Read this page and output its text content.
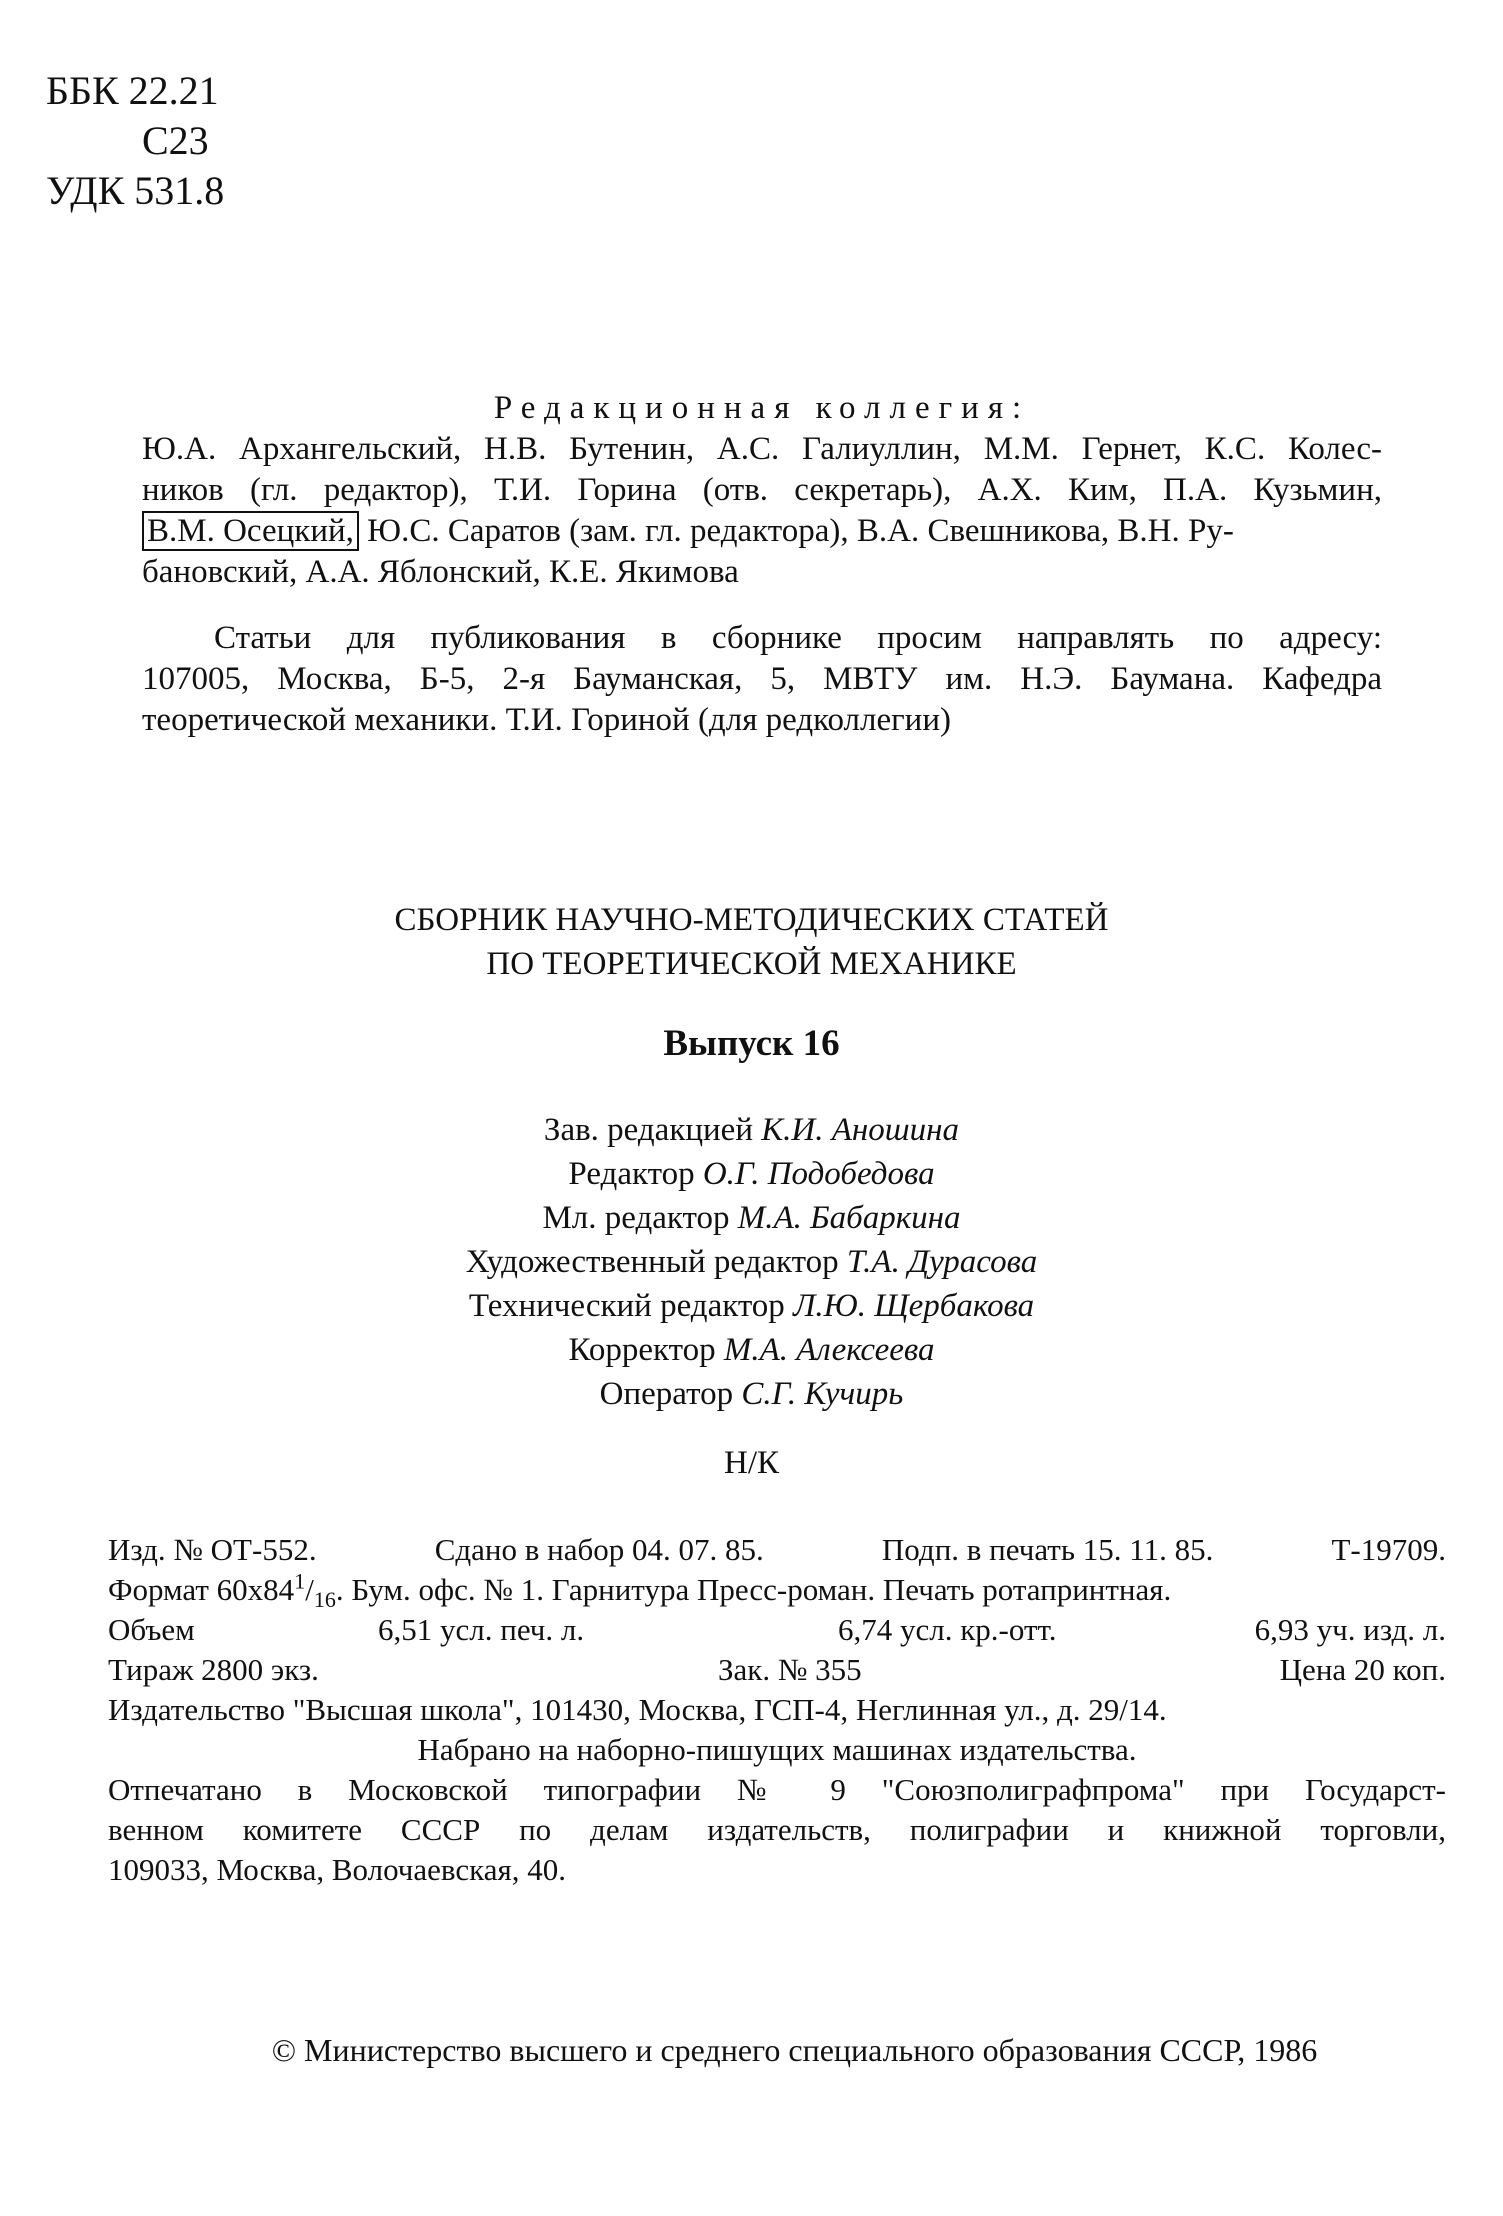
ББК 22.21
С23
УДК 531.8
Редакционная коллегия:
Ю.А. Архангельский, Н.В. Бутенин, А.С. Галиуллин, М.М. Гернет, К.С. Колес-
ников (гл. редактор), Т.И. Горина (отв. секретарь), А.Х. Ким, П.А. Кузьмин,
В.М. Осецкий, Ю.С. Саратов (зам. гл. редактора), В.А. Свешникова, В.Н. Ру-
бановский, А.А. Яблонский, К.Е. Якимова
Статьи для публикования в сборнике просим направлять по адресу:
107005, Москва, Б-5, 2-я Бауманская, 5, МВТУ им. Н.Э. Баумана. Кафедра
теоретической механики. Т.И. Гориной (для редколлегии)
СБОРНИК НАУЧНО-МЕТОДИЧЕСКИХ СТАТЕЙ
ПО ТЕОРЕТИЧЕСКОЙ МЕХАНИКЕ
Выпуск 16
Зав. редакцией К.И. Аношина
Редактор О.Г. Подобедова
Мл. редактор М.А. Бабаркина
Художественный редактор Т.А. Дурасова
Технический редактор Л.Ю. Щербакова
Корректор М.А. Алексеева
Оператор С.Г. Кучирь
Н/К
Изд. № ОТ-552.	Сдано в набор 04. 07. 85.	Подп. в печать 15. 11. 85.	Т-19709.
Формат $60x84^1/_{16}$. Бум. офс. № 1. Гарнитура Пресс-роман. Печать ротапринтная.
Объем	6,51 усл. печ. л.	6,74 усл. кр.-отт.	6,93 уч. изд. л.
Тираж 2800 экз.	Зак. № 355	Цена 20 коп.
Издательство "Высшая школа", 101430, Москва, ГСП-4, Неглинная ул., д. 29/14.
Набрано на наборно-пишущих машинах издательства.
Отпечатано в Московской типографии № 9 "Союзполиграфпрома" при Государст-
венном комитете СССР по делам издательств, полиграфии и книжной торговли,
109033, Москва, Волочаевская, 40.
© Министерство высшего и среднего специального образования СССР, 1986
